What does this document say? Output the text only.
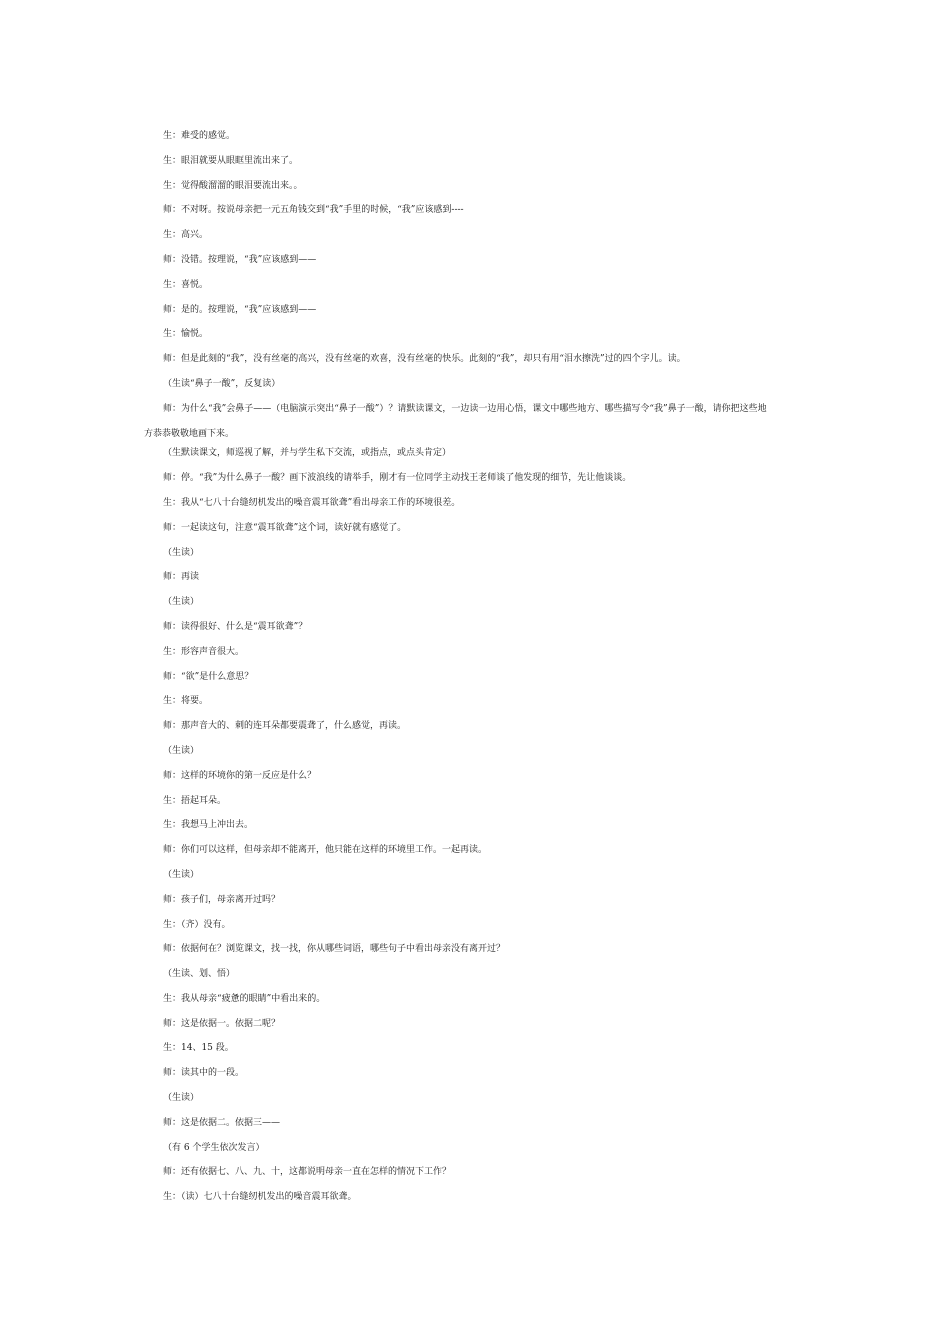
生：难受的感觉。

生：眼泪就要从眼眶里流出来了。

生：觉得酸溜溜的眼泪要流出来。。

师：不对呀。按说母亲把一元五角钱交到“我”手里的时候，“我”应该感到----

生：高兴。

师：没错。按理说，“我”应该感到——

生：喜悦。

师：是的。按理说，“我”应该感到——

生：愉悦。

师：但是此刻的“我”，没有丝毫的高兴，没有丝毫的欢喜，没有丝毫的快乐。此刻的“我”，却只有用“泪水擦洗”过的四个字儿。读。

（生读“鼻子一酸”，反复读）

师：为什么“我”会鼻子——（电脑演示突出“鼻子一酸”）？请默读课文，一边读一边用心悟，课文中哪些地方、哪些描写令“我”鼻子一酸，请你把这些地
方恭恭敬敬地画下来。

（生默读课文，师巡视了解，并与学生私下交流，或指点，或点头肯定）

师：停。“我”为什么鼻子一酸？画下波浪线的请举手，刚才有一位同学主动找王老师谈了他发现的细节，先让他谈谈。

生：我从“七八十台缝纫机发出的噪音震耳欲聋”看出母亲工作的环境很差。

师：一起读这句，注意“震耳欲聋”这个词，读好就有感觉了。

（生读）

师：再读

（生读）

师：读得很好、什么是“震耳欲聋”？

生：形容声音很大。

师：“欲”是什么意思？

生：将要。

师：那声音大的、刺的连耳朵都要震聋了，什么感觉，再读。

（生读）

师：这样的环境你的第一反应是什么？

生：捂起耳朵。

生：我想马上冲出去。

师：你们可以这样，但母亲却不能离开，他只能在这样的环境里工作。一起再读。

（生读）

师：孩子们，母亲离开过吗？

生：（齐）没有。

师：依据何在？浏览课文，找一找，你从哪些词语，哪些句子中看出母亲没有离开过？

（生读、划、悟）

生：我从母亲“疲惫的眼睛”中看出来的。

师：这是依据一。依据二呢？

生：14、15 段。

师：读其中的一段。

（生读）

师：这是依据二。依据三——

（有 6 个学生依次发言）

师：还有依据七、八、九、十，这都说明母亲一直在怎样的情况下工作？

生：（读）七八十台缝纫机发出的噪音震耳欲聋。
